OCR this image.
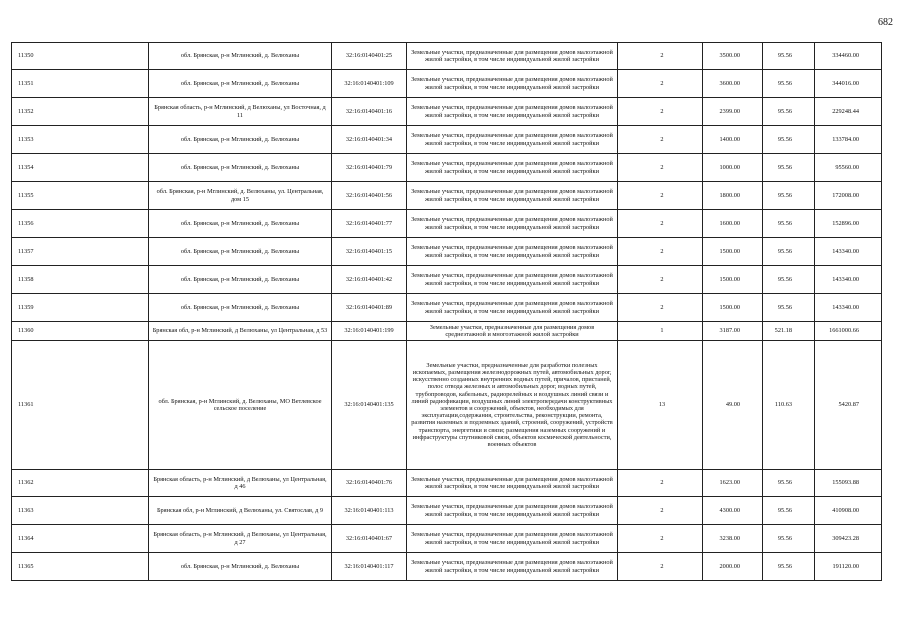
682
11350	обл. Брянская, р-н Мглинский, д. Велюханы	32:16:0140401:25	Земельные участки, предназначенные для размещения домов малоэтажной жилой застройки, в том числе индивидуальной жилой застройки	2	3500.00	95.56	334460.00
11351	обл. Брянская, р-н Мглинский, д. Велюханы	32:16:0140401:109	Земельные участки, предназначенные для размещения домов малоэтажной жилой застройки, в том числе индивидуальной жилой застройки	2	3600.00	95.56	344016.00
11352	Брянская область, р-н Мглинский, д Велюханы, ул Восточная, д 11	32:16:0140401:16	Земельные участки, предназначенные для размещения домов малоэтажной жилой застройки, в том числе индивидуальной жилой застройки	2	2399.00	95.56	229248.44
11353	обл. Брянская, р-н Мглинский, д. Велюханы	32:16:0140401:34	Земельные участки, предназначенные для размещения домов малоэтажной жилой застройки, в том числе индивидуальной жилой застройки	2	1400.00	95.56	133784.00
11354	обл. Брянская, р-н Мглинский, д. Велюханы	32:16:0140401:79	Земельные участки, предназначенные для размещения домов малоэтажной жилой застройки, в том числе индивидуальной жилой застройки	2	1000.00	95.56	95560.00
11355	обл. Брянская, р-н Мглинский, д. Велюханы, ул. Центральная, дом 15	32:16:0140401:56	Земельные участки, предназначенные для размещения домов малоэтажной жилой застройки, в том числе индивидуальной жилой застройки	2	1800.00	95.56	172008.00
11356	обл. Брянская, р-н Мглинский, д. Велюханы	32:16:0140401:77	Земельные участки, предназначенные для размещения домов малоэтажной жилой застройки, в том числе индивидуальной жилой застройки	2	1600.00	95.56	152896.00
11357	обл. Брянская, р-н Мглинский, д. Велюханы	32:16:0140401:15	Земельные участки, предназначенные для размещения домов малоэтажной жилой застройки, в том числе индивидуальной жилой застройки	2	1500.00	95.56	143340.00
11358	обл. Брянская, р-н Мглинский, д. Велюханы	32:16:0140401:42	Земельные участки, предназначенные для размещения домов малоэтажной жилой застройки, в том числе индивидуальной жилой застройки	2	1500.00	95.56	143340.00
11359	обл. Брянская, р-н Мглинский, д. Велюханы	32:16:0140401:89	Земельные участки, предназначенные для размещения домов малоэтажной жилой застройки, в том числе индивидуальной жилой застройки	2	1500.00	95.56	143340.00
11360	Брянская обл, р-н Мглинский, д Велюханы, ул Центральная, д 53	32:16:0140401:199	Земельные участки, предназначенные для размещения домов среднеэтажной и многоэтажной жилой застройки	1	3187.00	521.18	1661000.66
11361	обл. Брянская, р-н Мглинский, д. Велюханы, МО Ветлевское сельское поселение	32:16:0140401:135	Земельные участки, предназначенные для разработки полезных ископаемых, размещения железнодорожных путей, автомобильных дорог, искусственно созданных внутренних водных путей, причалов, пристаней, полос отвода железных и автомобильных дорог, водных путей, трубопроводов, кабельных, радиорелейных и воздушных линий связи и линий радиофикации, воздушных линий электропередачи конструктивных элементов и сооружений, объектов, необходимых для эксплуатации,содержания, строительства, реконструкции, ремонта, развития наземных и подземных зданий, строений, сооружений, устройств транспорта, энергетики и связи; размещения наземных сооружений и инфраструктуры спутниковой связи, объектов космической деятельности, военных объектов	13	49.00	110.63	5420.87
11362	Брянская область, р-н Мглинский, д Велюханы, ул Центральная, д 46	32:16:0140401:76	Земельные участки, предназначенные для размещения домов малоэтажной жилой застройки, в том числе индивидуальной жилой застройки	2	1623.00	95.56	155093.88
11363	Брянская обл, р-н Мглинский, д Велюханы, ул. Святослав, д 9	32:16:0140401:113	Земельные участки, предназначенные для размещения домов малоэтажной жилой застройки, в том числе индивидуальной жилой застройки	2	4300.00	95.56	410908.00
11364	Брянская область, р-н Мглинский, д Велюханы, ул Центральная, д 27	32:16:0140401:67	Земельные участки, предназначенные для размещения домов малоэтажной жилой застройки, в том числе индивидуальной жилой застройки	2	3238.00	95.56	309423.28
11365	обл. Брянская, р-н Мглинский, д. Велюханы	32:16:0140401:117	Земельные участки, предназначенные для размещения домов малоэтажной жилой застройки, в том числе индивидуальной жилой застройки	2	2000.00	95.56	191120.00
